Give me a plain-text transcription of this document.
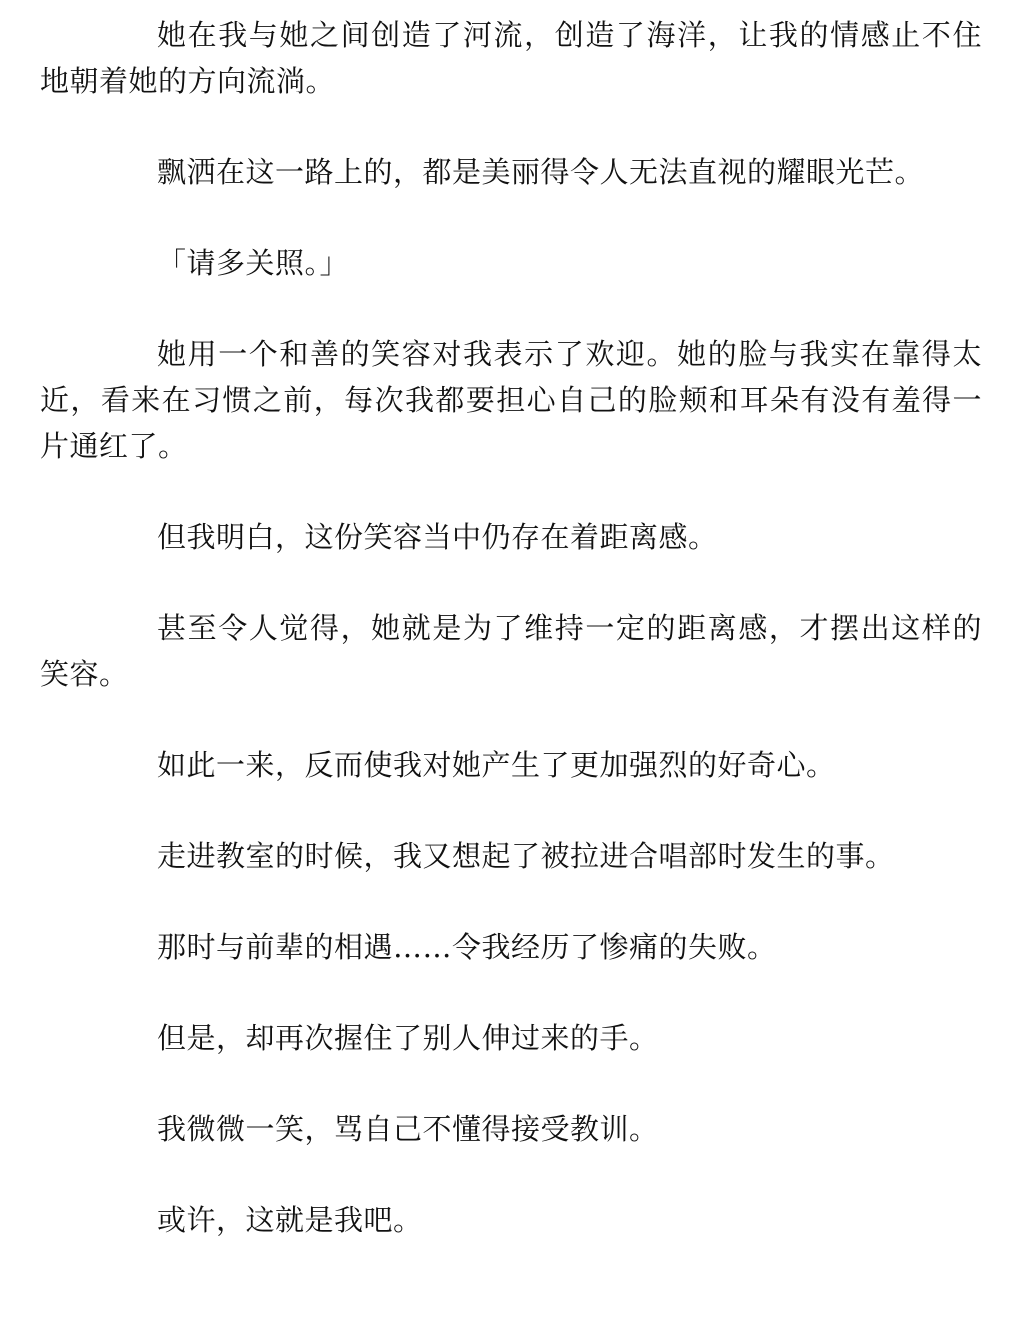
她在我与她之间创造了河流，创造了海洋，让我的情感止不住地朝着她的方向流淌。

飘洒在这一路上的，都是美丽得令人无法直视的耀眼光芒。

「请多关照。」

她用一个和善的笑容对我表示了欢迎。她的脸与我实在靠得太近，看来在习惯之前，每次我都要担心自己的脸颊和耳朵有没有羞得一片通红了。

但我明白，这份笑容当中仍存在着距离感。

甚至令人觉得，她就是为了维持一定的距离感，才摆出这样的笑容。

如此一来，反而使我对她产生了更加强烈的好奇心。

走进教室的时候，我又想起了被拉进合唱部时发生的事。

那时与前辈的相遇……令我经历了惨痛的失败。

但是，却再次握住了别人伸过来的手。

我微微一笑，骂自己不懂得接受教训。

或许，这就是我吧。
